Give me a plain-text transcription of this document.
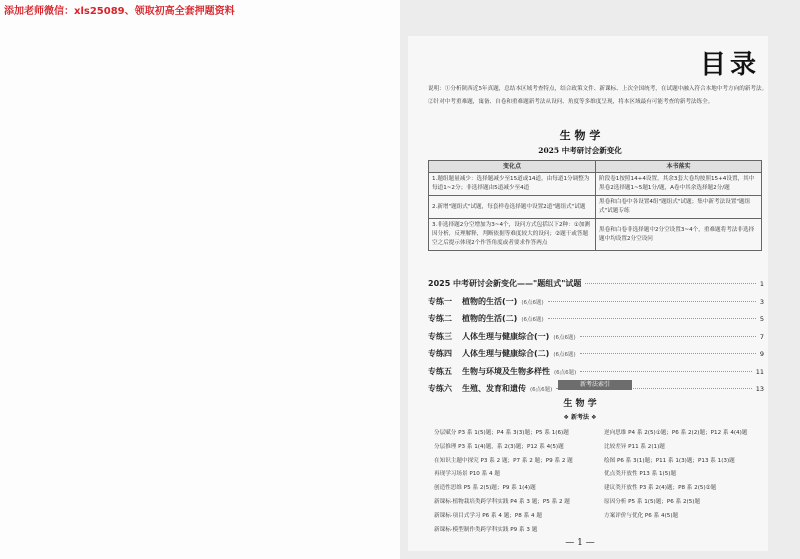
添加老师微信：xls25089、领取初高全套押题资料
目录

说明：①分析陕西近5年真题，总结本区域考查特点，结合政策文件、新课标、上次全国统考，在试题中融入符合本地中考方向的新考法。

②针对中考重难题，寓备、自卷和重难题新考法从设问、角度等多维度呈现，将本区域最有可能考查的新考法练全。

生 物 学
2025 中考研讨会新变化
变化点	本书落实
1.题组题量减少：选择题减少至15道或14道，由每道1分调整为每道1~2分；非选择题由5道减少至4道	阶段卷1按照14+4设置，其余3套大卷均按照15+4设置，其中黑卷2选择题1~5题1分/题，A卷中其余选择题2分/题
2.新增"题组式"试题，每套样卷选择题中设置2道"题组式"试题	黑卷和白卷中各设置4组"题组式"试题；集中新考法设置"题组式"试题专练
3.非选择题2分空增加为3~4个，设问方式包括以下2种：①加测因分析，反理解释，判断依据等难度较大的设问；②题干或答题空之后提示体现2个作答角度或者要求作答两点	黑卷和白卷非选择题中2分空设置3~4个，重难题将考法非选择题中均设置2分空设问
2025 中考研讨会新变化——"题组式"试题	1
专练一	植物的生活(一) (6点6题)	3
专练二	植物的生活(二) (6点6题)	5
专练三	人体生理与健康综合(一) (6点6题)	7
专练四	人体生理与健康综合(二) (6点6题)	9
专练五	生物与环境及生物多样性 (6点6题)	11
专练六	生殖、发育和遗传 (6点6题)	13
新考法索引
生 物 学
❖ 新考法 ❖
分层赋分 P3 系 1(5)题；P4 系 3(3)题；P5 系 1(6)题
分层推理 P3 系 1(4)题，系 2(3)题；P12 系 4(5)题
在知识主题中探究 P3 系 2 题；P7 系 2 题；P9 系 2 题
再现学习场景 P10 系 4 题
创造性思维 P5 系 2(5)题；P9 系 1(4)题
新课标·植物栽培类跨学科实践 P4 系 3 题；P5 系 2 题
新课标·项目式学习 P6 系 4 题；P8 系 4 题
新课标·模型制作类跨学科实践 P9 系 3 题
逆向思维 P4 系 2(5)①题；P6 系 2(2)题；P12 系 4(4)题
比较差异 P11 系 2(1)题
绘图 P6 系 3(1)题；P11 系 1(3)题；P13 系 1(3)题
优点类开放性 P13 系 1(5)题
建议类开放性 P3 系 2(4)题；P8 系 2(5)②题
原因分析 P5 系 1(5)题；P6 系 2(5)题
方案评价与优化 P6 系 4(5)题
— 1 —
